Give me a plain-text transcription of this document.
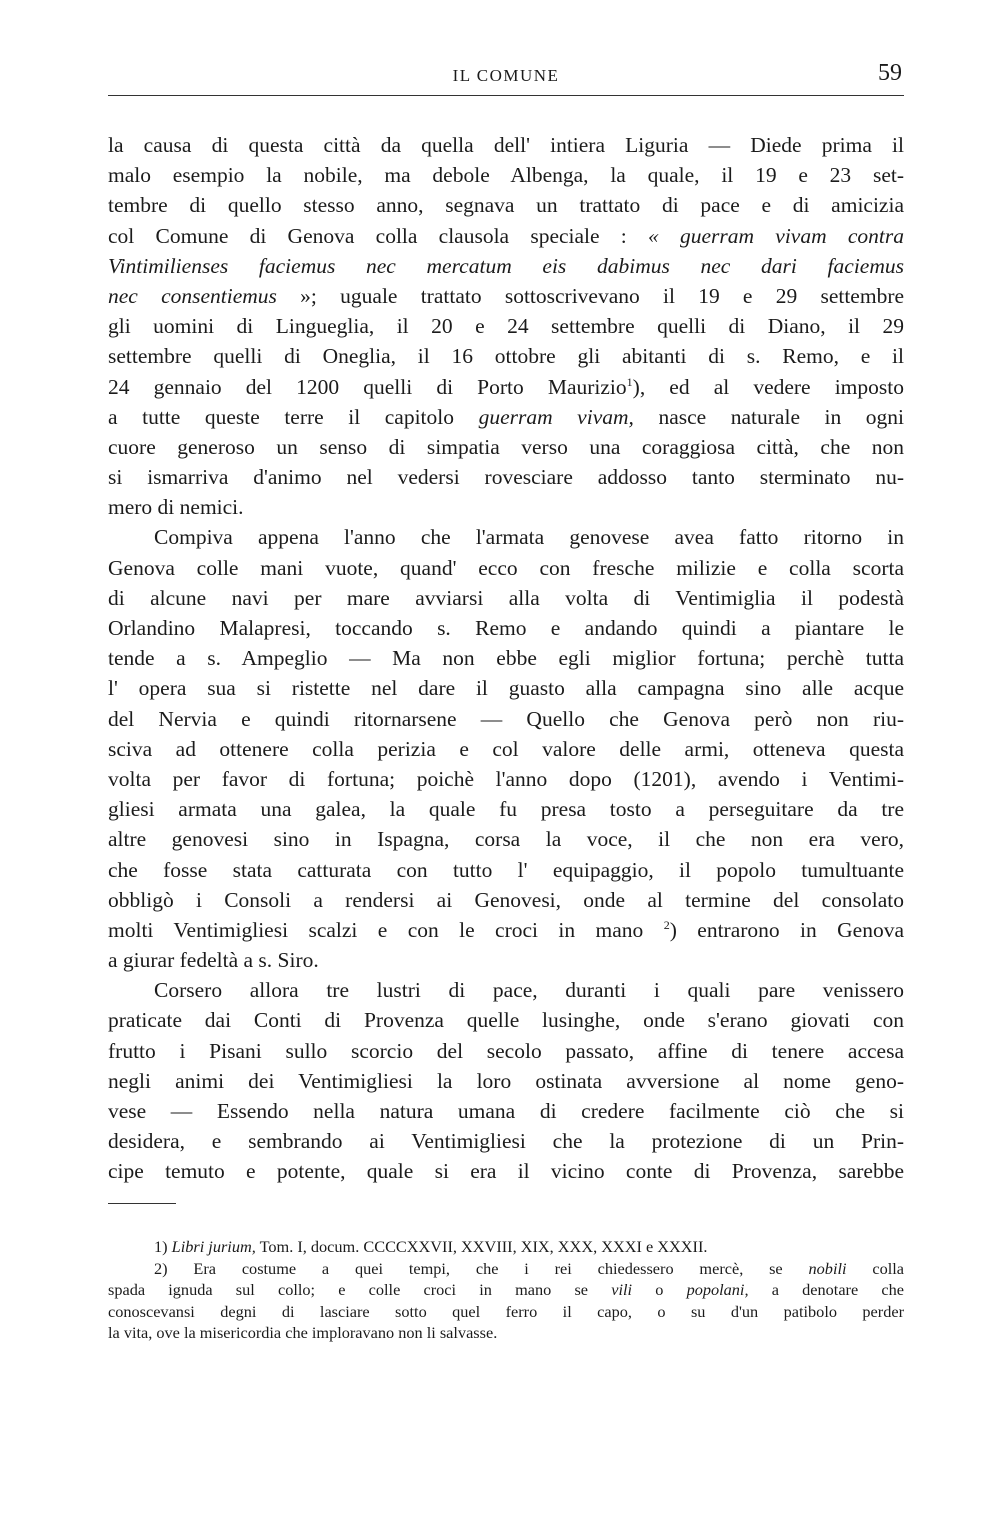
IL COMUNE	59
la causa di questa città da quella dell' intiera Liguria — Diede prima il
malo esempio la nobile, ma debole Albenga, la quale, il 19 e 23 set-
tembre di quello stesso anno, segnava un trattato di pace e di amicizia
col Comune di Genova colla clausola speciale : « guerram vivam contra
Vintimilienses faciemus nec mercatum eis dabimus nec dari faciemus
nec consentiemus »; uguale trattato sottoscrivevano il 19 e 29 settembre
gli uomini di Lingueglia, il 20 e 24 settembre quelli di Diano, il 29
settembre quelli di Oneglia, il 16 ottobre gli abitanti di s. Remo, e il
24 gennaio del 1200 quelli di Porto Maurizio$^1$), ed al vedere imposto
a tutte queste terre il capitolo guerram vivam, nasce naturale in ogni
cuore generoso un senso di simpatia verso una coraggiosa città, che non
si ismarriva d'animo nel vedersi rovesciare addosso tanto sterminato nu-
mero di nemici.
Compiva appena l'anno che l'armata genovese avea fatto ritorno in
Genova colle mani vuote, quand' ecco con fresche milizie e colla scorta
di alcune navi per mare avviarsi alla volta di Ventimiglia il podestà
Orlandino Malapresi, toccando s. Remo e andando quindi a piantare le
tende a s. Ampeglio — Ma non ebbe egli miglior fortuna; perchè tutta
l' opera sua si ristette nel dare il guasto alla campagna sino alle acque
del Nervia e quindi ritornarsene — Quello che Genova però non riu-
sciva ad ottenere colla perizia e col valore delle armi, otteneva questa
volta per favor di fortuna; poichè l'anno dopo (1201), avendo i Ventimi-
gliesi armata una galea, la quale fu presa tosto a perseguitare da tre
altre genovesi sino in Ispagna, corsa la voce, il che non era vero,
che fosse stata catturata con tutto l' equipaggio, il popolo tumultuante
obbligò i Consoli a rendersi ai Genovesi, onde al termine del consolato
molti Ventimigliesi scalzi e con le croci in mano $^2$) entrarono in Genova
a giurar fedeltà a s. Siro.
Corsero allora tre lustri di pace, duranti i quali pare venissero
praticate dai Conti di Provenza quelle lusinghe, onde s'erano giovati con
frutto i Pisani sullo scorcio del secolo passato, affine di tenere accesa
negli animi dei Ventimigliesi la loro ostinata avversione al nome geno-
vese — Essendo nella natura umana di credere facilmente ciò che si
desidera, e sembrando ai Ventimigliesi che la protezione di un Prin-
cipe temuto e potente, quale si era il vicino conte di Provenza, sarebbe
1) Libri jurium, Tom. I, docum. CCCCXXVII, XXVIII, XIX, XXX, XXXI e XXXII.
2) Era costume a quei tempi, che i rei chiedessero mercè, se nobili colla
spada ignuda sul collo; e colle croci in mano se vili o popolani, a denotare che
conoscevansi degni di lasciare sotto quel ferro il capo, o su d'un patibolo perder
la vita, ove la misericordia che imploravano non li salvasse.
